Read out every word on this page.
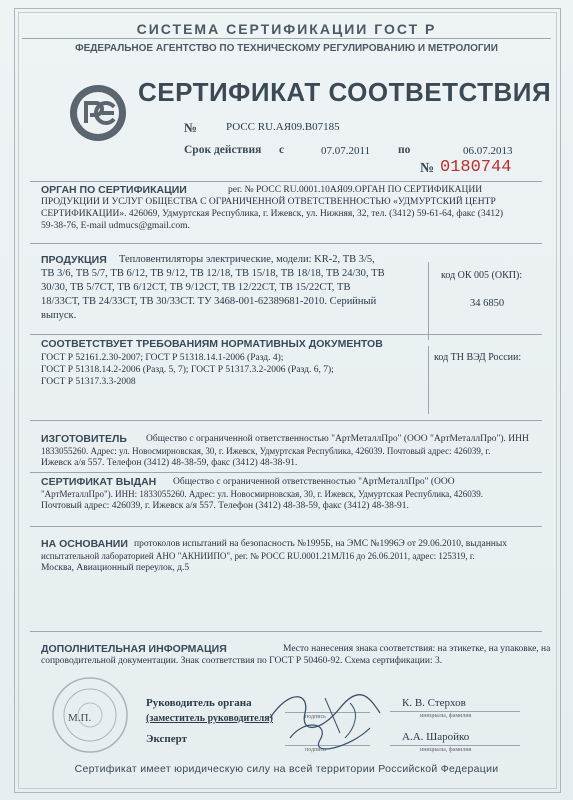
СИСТЕМА СЕРТИФИКАЦИИ ГОСТ Р
ФЕДЕРАЛЬНОЕ АГЕНТСТВО ПО ТЕХНИЧЕСКОМУ РЕГУЛИРОВАНИЮ И МЕТРОЛОГИИ
СЕРТИФИКАТ СООТВЕТСТВИЯ
№	РОСС RU.АЯ09.В07185
Срок действия с	07.07.2011 по	06.07.2013
№ 0180744
ОРГАН ПО СЕРТИФИКАЦИИ	рег. № РОСС RU.0001.10АЯ09.ОРГАН ПО СЕРТИФИКАЦИИ
ПРОДУКЦИИ И УСЛУГ ОБЩЕСТВА С ОГРАНИЧЕННОЙ ОТВЕТСТВЕННОСТЬЮ «УДМУРТСКИЙ ЦЕНТР
СЕРТИФИКАЦИИ». 426069, Удмуртская Республика, г. Ижевск, ул. Нижняя, 32, тел. (3412) 59-61-64, факс (3412)
59-38-76, E-mail udmucs@gmail.com.
ПРОДУКЦИЯ Тепловентиляторы электрические, модели: KR-2, ТВ 3/5,
ТВ 3/6, ТВ 5/7, ТВ 6/12, ТВ 9/12, ТВ 12/18, ТВ 15/18, ТВ 18/18, ТВ 24/30, ТВ
30/30, ТВ 5/7СТ, ТВ 6/12СТ, ТВ 9/12СТ, ТВ 12/22СТ, ТВ 15/22СТ, ТВ
18/33СТ, ТВ 24/33СТ, ТВ 30/33СТ. ТУ 3468-001-62389681-2010. Серийный
выпуск.
код ОК 005 (ОКП):
34 6850
СООТВЕТСТВУЕТ ТРЕБОВАНИЯМ НОРМАТИВНЫХ ДОКУМЕНТОВ
ГОСТ Р 52161.2.30-2007; ГОСТ Р 51318.14.1-2006 (Разд. 4);
ГОСТ Р 51318.14.2-2006 (Разд. 5, 7); ГОСТ Р 51317.3.2-2006 (Разд. 6, 7);
ГОСТ Р 51317.3.3-2008
код ТН ВЭД России:
ИЗГОТОВИТЕЛЬ Общество с ограниченной ответственностью "АртМеталлПро" (ООО "АртМеталлПро"). ИНН
1833055260. Адрес: ул. Новосмирновская, 30, г. Ижевск, Удмуртская Республика, 426039. Почтовый адрес: 426039, г.
Ижевск а/я 557. Телефон (3412) 48-38-59, факс (3412) 48-38-91.
СЕРТИФИКАТ ВЫДАН Общество с ограниченной ответственностью "АртМеталлПро" (ООО
"АртМеталлПро"). ИНН: 1833055260. Адрес: ул. Новосмирновская, 30, г. Ижевск, Удмуртская Республика, 426039.
Почтовый адрес: 426039, г. Ижевск а/я 557. Телефон (3412) 48-38-59, факс (3412) 48-38-91.
НА ОСНОВАНИИ протоколов испытаний на безопасность №1995Б, на ЭМС №1996Э от 29.06.2010, выданных
испытательной лабораторией АНО "АКНИИПО", рег. № РОСС RU.0001.21МЛ16 до 26.06.2011, адрес: 125319, г.
Москва, Авиационный переулок, д.5
ДОПОЛНИТЕЛЬНАЯ ИНФОРМАЦИЯ	Место нанесения знака соответствия: на этикетке, на упаковке, на
сопроводительной документации. Знак соответствия по ГОСТ Р 50460-92. Схема сертификации: 3.
М.П.
Руководитель органа
(заместитель руководителя)
Эксперт
подпись
подпись
К. В. Стерхов
инициалы, фамилия
А.А. Шаройко
инициалы, фамилия
Сертификат имеет юридическую силу на всей территории Российской Федерации
